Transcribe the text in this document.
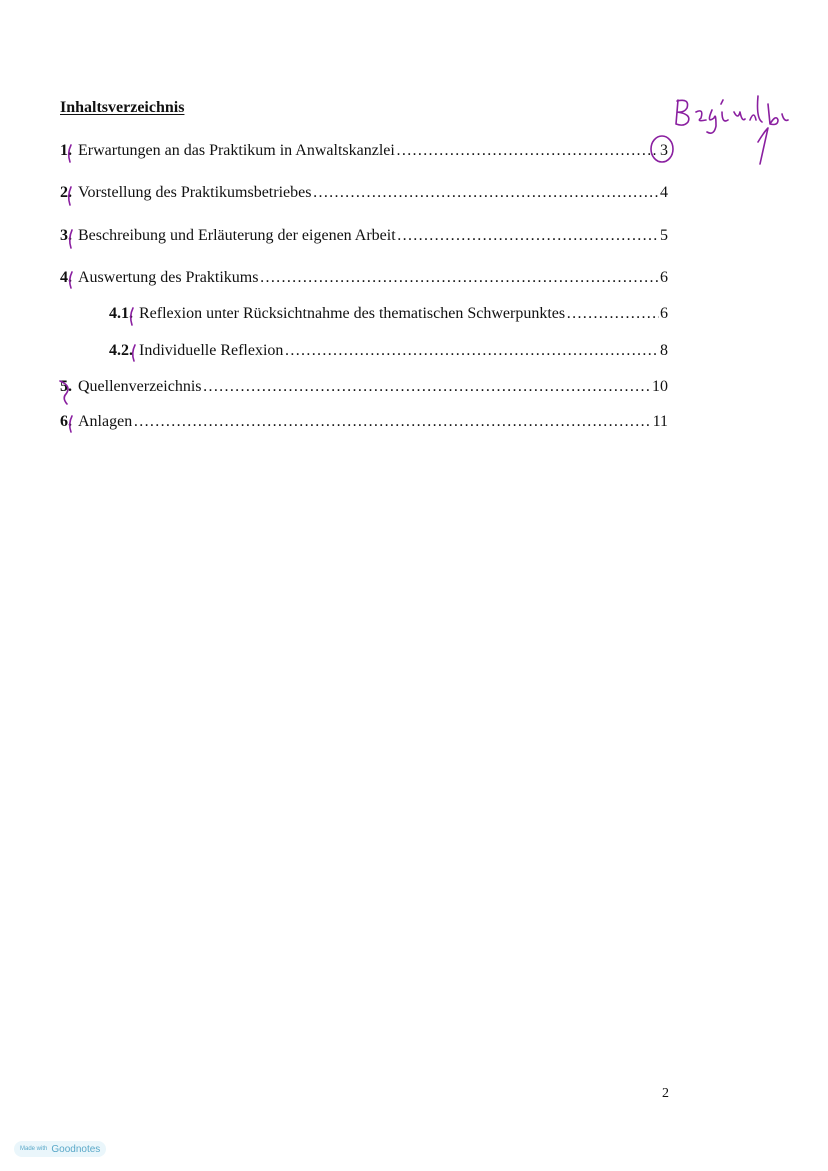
Inhaltsverzeichnis
1. Erwartungen an das Praktikum in Anwaltskanzlei ………………………………………………………………………………………………………………………………………………	3
2. Vorstellung des Praktikumsbetriebes ………………………………………………………………………………………………………………………………………………	4
3. Beschreibung und Erläuterung der eigenen Arbeit ………………………………………………………………………………………………………………………………………………	5
4. Auswertung des Praktikums ………………………………………………………………………………………………………………………………………………	6
4.1. Reflexion unter Rücksichtnahme des thematischen Schwerpunktes ………………………………………………………………………………………………………………………………………………	6
4.2. Individuelle Reflexion ………………………………………………………………………………………………………………………………………………	8
5. Quellenverzeichnis ………………………………………………………………………………………………………………………………………………	10
6. Anlagen ………………………………………………………………………………………………………………………………………………	11
2
Made with Goodnotes
